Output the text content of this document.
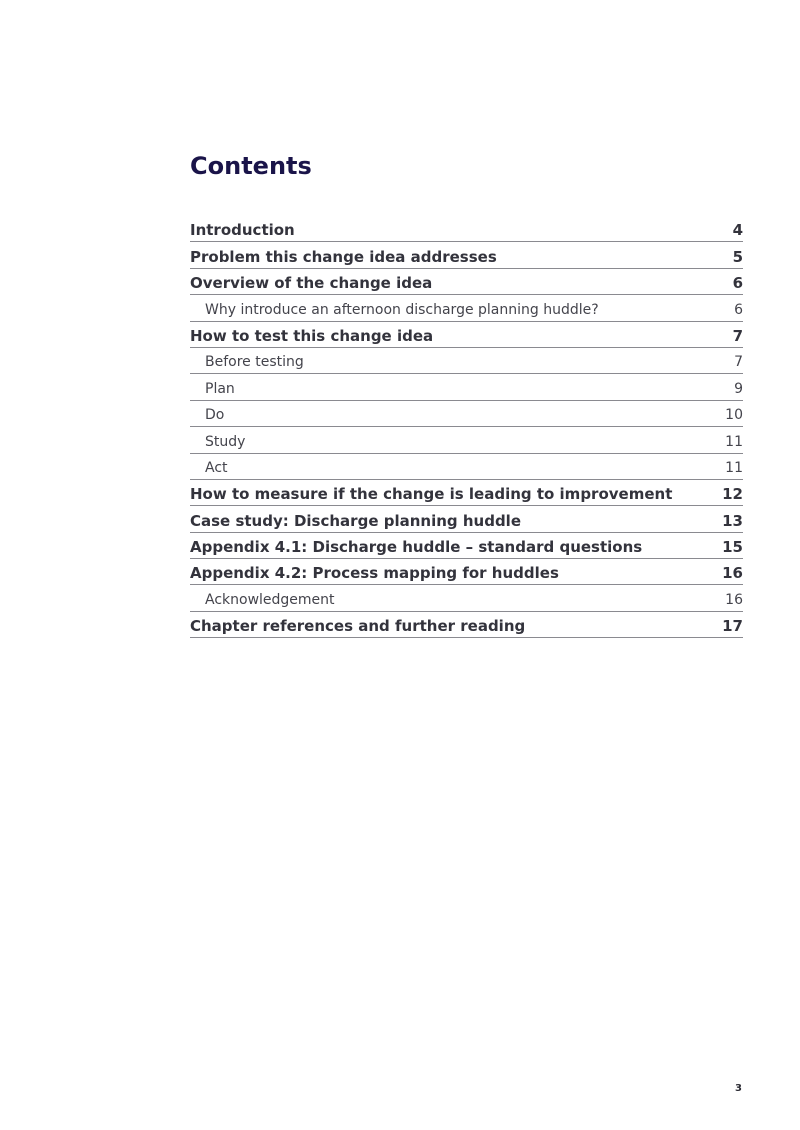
Contents
Introduction	4
Problem this change idea addresses	5
Overview of the change idea	6
Why introduce an afternoon discharge planning huddle?	6
How to test this change idea	7
Before testing	7
Plan	9
Do	10
Study	11
Act	11
How to measure if the change is leading to improvement	12
Case study: Discharge planning huddle	13
Appendix 4.1: Discharge huddle – standard questions	15
Appendix 4.2: Process mapping for huddles	16
Acknowledgement	16
Chapter references and further reading	17
3
